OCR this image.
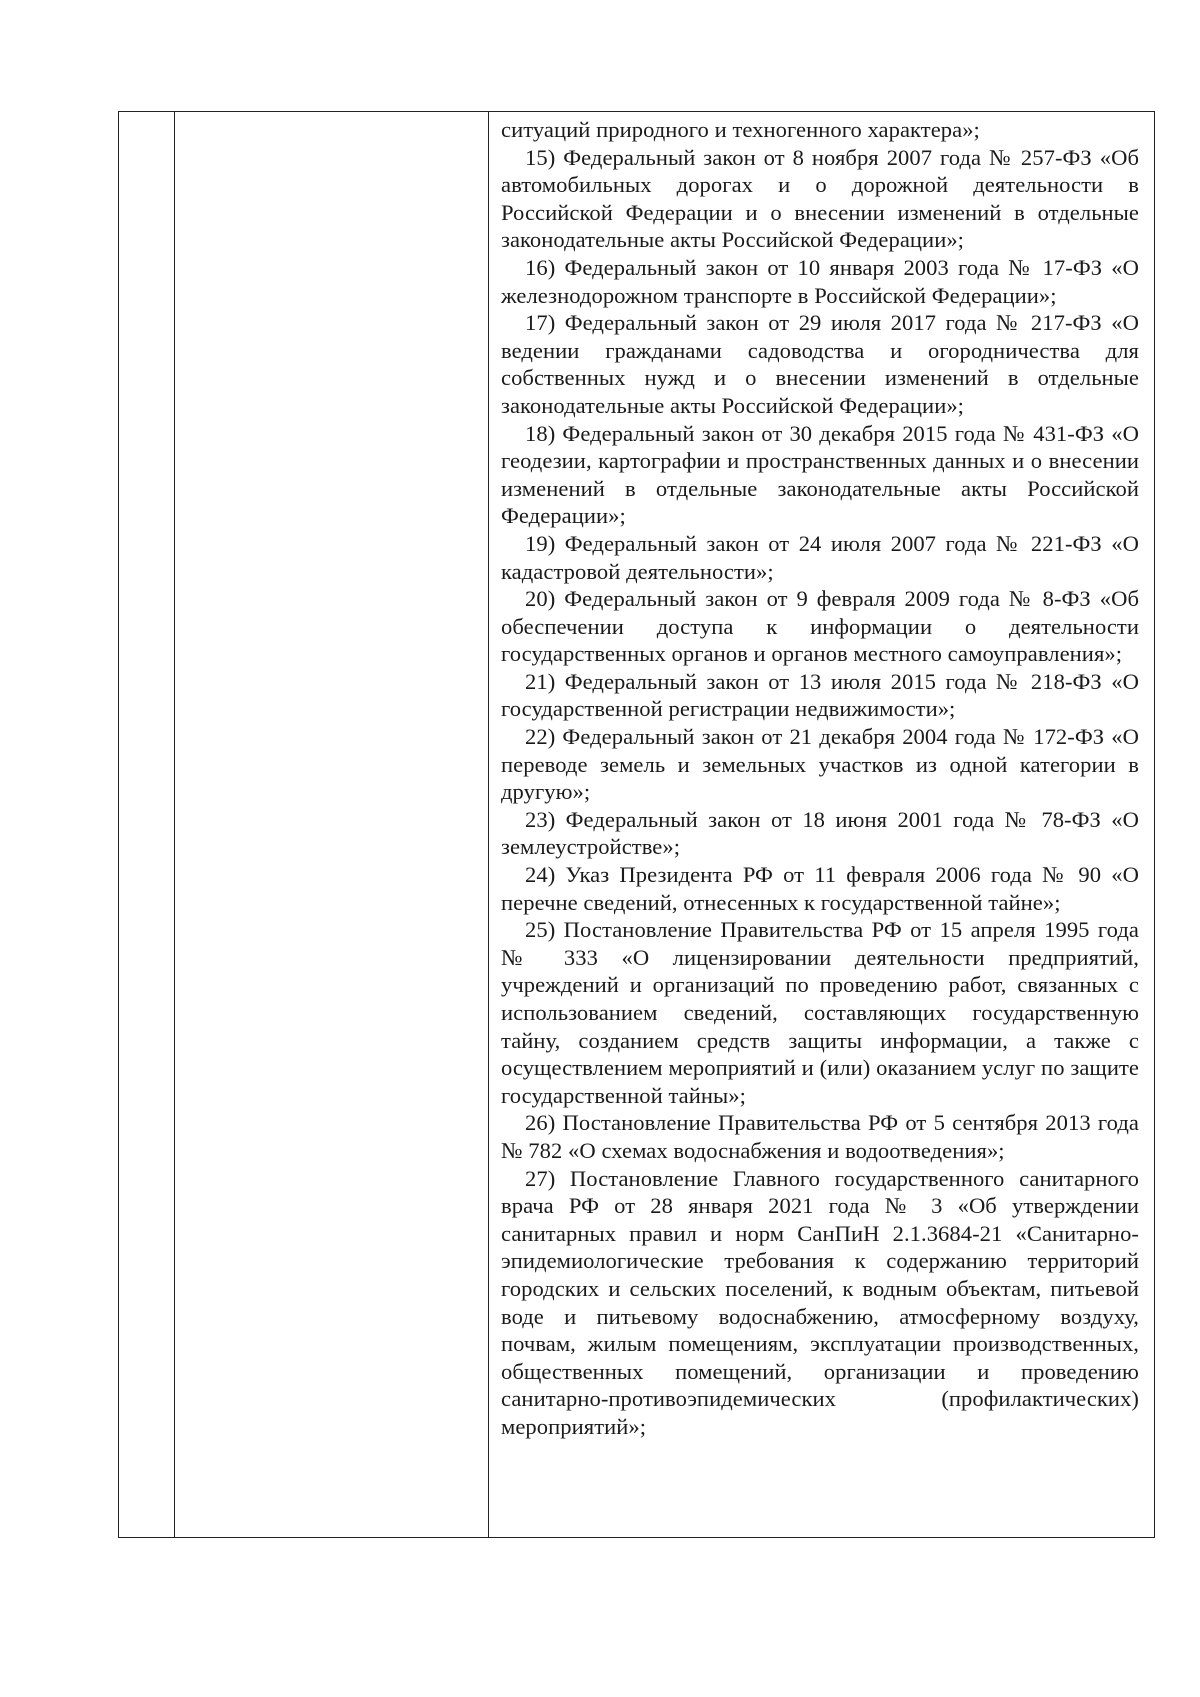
ситуаций природного и техногенного характера»;

15) Федеральный закон от 8 ноября 2007 года № 257-ФЗ «Об автомобильных дорогах и о дорожной деятельности в Российской Федерации и о внесении изменений в отдельные законодательные акты Российской Федерации»;

16) Федеральный закон от 10 января 2003 года № 17-ФЗ «О железнодорожном транспорте в Российской Федерации»;

17) Федеральный закон от 29 июля 2017 года № 217-ФЗ «О ведении гражданами садоводства и огородничества для собственных нужд и о внесении изменений в отдельные законодательные акты Российской Федерации»;

18) Федеральный закон от 30 декабря 2015 года № 431-ФЗ «О геодезии, картографии и пространственных данных и о внесении изменений в отдельные законодательные акты Российской Федерации»;

19) Федеральный закон от 24 июля 2007 года № 221-ФЗ «О кадастровой деятельности»;

20) Федеральный закон от 9 февраля 2009 года № 8-ФЗ «Об обеспечении доступа к информации о деятельности государственных органов и органов местного самоуправления»;

21) Федеральный закон от 13 июля 2015 года № 218-ФЗ «О государственной регистрации недвижимости»;

22) Федеральный закон от 21 декабря 2004 года № 172-ФЗ «О переводе земель и земельных участков из одной категории в другую»;

23) Федеральный закон от 18 июня 2001 года № 78-ФЗ «О землеустройстве»;

24) Указ Президента РФ от 11 февраля 2006 года № 90 «О перечне сведений, отнесенных к государственной тайне»;

25) Постановление Правительства РФ от 15 апреля 1995 года № 333 «О лицензировании деятельности предприятий, учреждений и организаций по проведению работ, связанных с использованием сведений, составляющих государственную тайну, созданием средств защиты информации, а также с осуществлением мероприятий и (или) оказанием услуг по защите государственной тайны»;

26) Постановление Правительства РФ от 5 сентября 2013 года № 782 «О схемах водоснабжения и водоотведения»;

27) Постановление Главного государственного санитарного врача РФ от 28 января 2021 года № 3 «Об утверждении санитарных правил и норм СанПиН 2.1.3684-21 «Санитарно-эпидемиологические требования к содержанию территорий городских и сельских поселений, к водным объектам, питьевой воде и питьевому водоснабжению, атмосферному воздуху, почвам, жилым помещениям, эксплуатации производственных, общественных помещений, организации и проведению санитарно-противоэпидемических (профилактических) мероприятий»;
